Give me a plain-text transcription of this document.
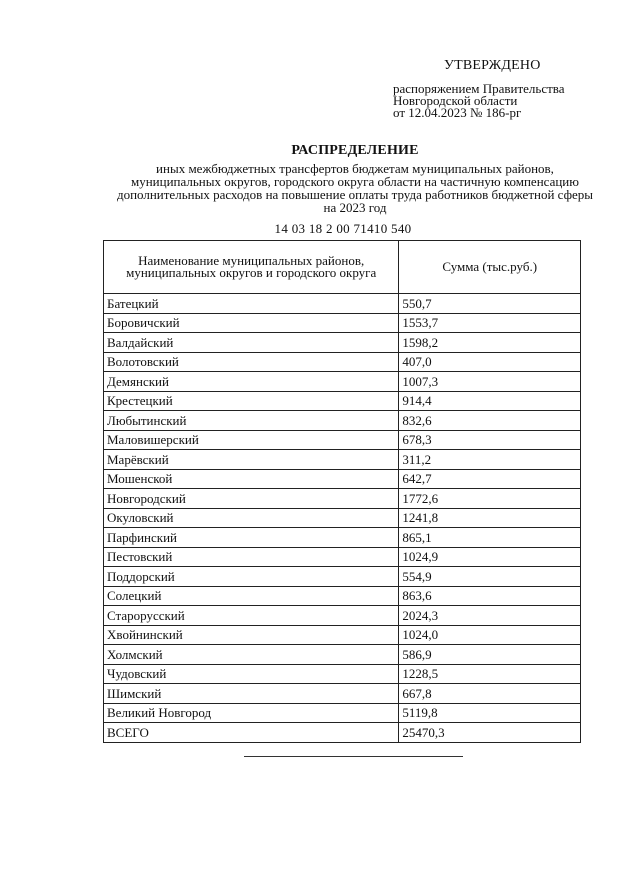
УТВЕРЖДЕНО
распоряжением Правительства
Новгородской области
от 12.04.2023 № 186-рг
РАСПРЕДЕЛЕНИЕ
иных межбюджетных трансфертов бюджетам муниципальных районов, муниципальных округов, городского округа области на частичную компенсацию дополнительных расходов на повышение оплаты труда работников бюджетной сферы на 2023 год
14 03 18 2 00 71410 540
Наименование муниципальных районов, муниципальных округов и городского округа	Сумма (тыс.руб.)
Батецкий	550,7
Боровичский	1553,7
Валдайский	1598,2
Волотовский	407,0
Демянский	1007,3
Крестецкий	914,4
Любытинский	832,6
Маловишерский	678,3
Марёвский	311,2
Мошенской	642,7
Новгородский	1772,6
Окуловский	1241,8
Парфинский	865,1
Пестовский	1024,9
Поддорский	554,9
Солецкий	863,6
Старорусский	2024,3
Хвойнинский	1024,0
Холмский	586,9
Чудовский	1228,5
Шимский	667,8
Великий Новгород	5119,8
ВСЕГО	25470,3
